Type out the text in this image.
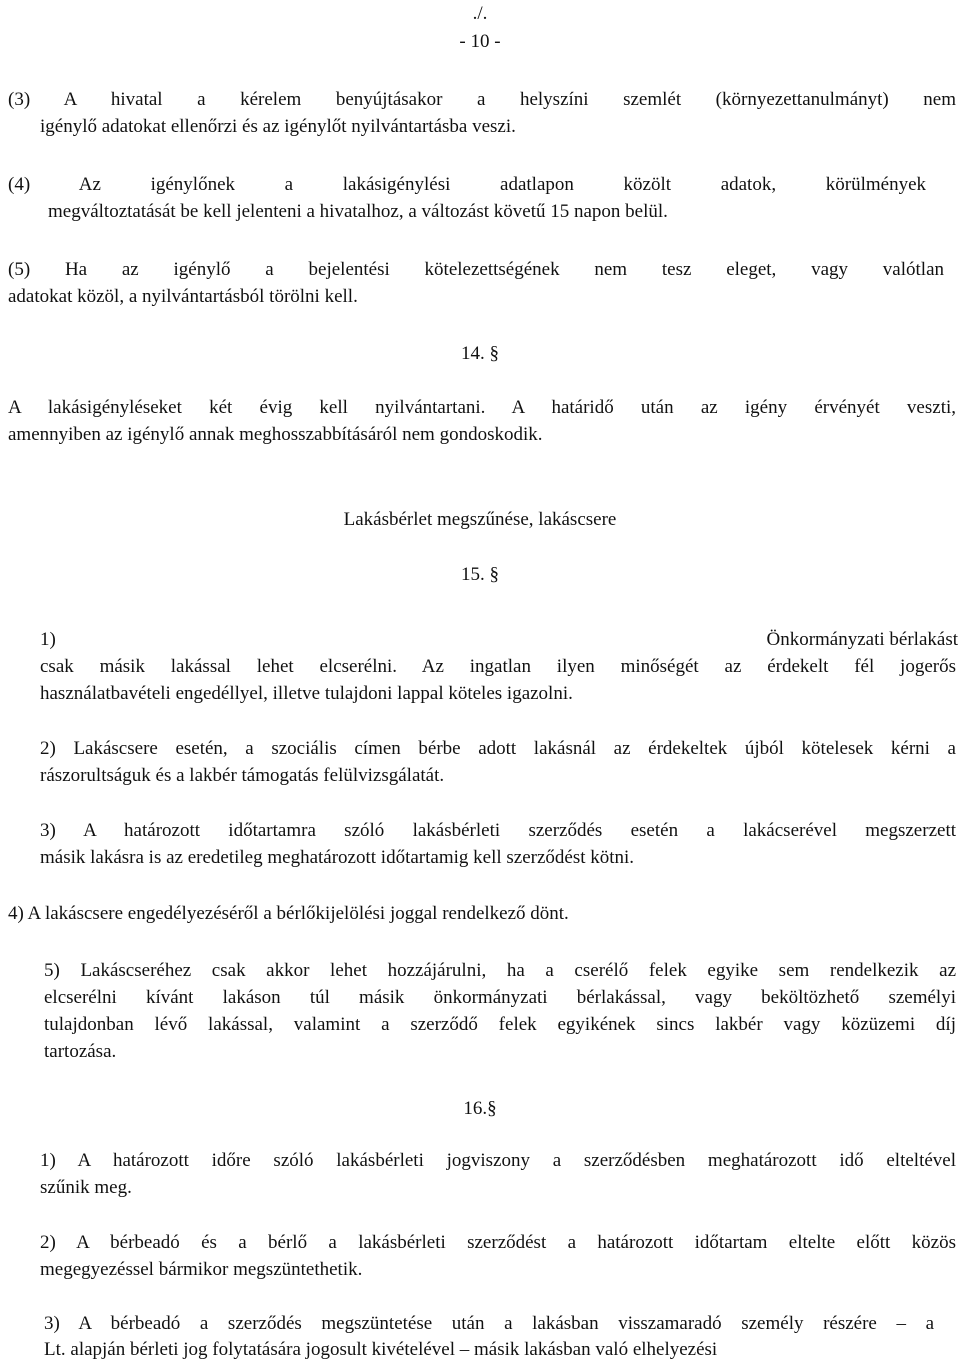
./.
- 10 -
(3) A hivatal a kérelem benyújtásakor a helyszíni szemlét (környezettanulmányt) nem
igénylő adatokat ellenőrzi és az igénylőt nyilvántartásba veszi.
(4) Az igénylőnek a lakásigénylési adatlapon közölt adatok, körülmények
megváltoztatását be kell jelenteni a hivatalhoz, a változást követű 15 napon belül.
(5) Ha az igénylő a bejelentési kötelezettségének nem tesz eleget, vagy valótlan
adatokat közöl, a nyilvántartásból törölni kell.
14. §
A lakásigényléseket két évig kell nyilvántartani. A határidő után az igény érvényét veszti,
amennyiben az igénylő annak meghosszabbításáról nem gondoskodik.
Lakásbérlet megszűnése, lakáscsere
15. §
1)	Önkormányzati bérlakást
csak másik lakással lehet elcserélni. Az ingatlan ilyen minőségét az érdekelt fél jogerős
használatbavételi engedéllyel, illetve tulajdoni lappal köteles igazolni.
2) Lakáscsere esetén, a szociális címen bérbe adott lakásnál az érdekeltek újból kötelesek kérni a
rászorultságuk és a lakbér támogatás felülvizsgálatát.
3) A határozott időtartamra szóló lakásbérleti szerződés esetén a lakácserével megszerzett
másik lakásra is az eredetileg meghatározott időtartamig kell szerződést kötni.
4) A lakáscsere engedélyezéséről a bérlőkijelölési joggal rendelkező dönt.
5) Lakáscseréhez csak akkor lehet hozzájárulni, ha a cserélő felek egyike sem rendelkezik az
elcserélni kívánt lakáson túl másik önkormányzati bérlakással, vagy beköltözhető személyi
tulajdonban lévő lakással, valamint a szerződő felek egyikének sincs lakbér vagy közüzemi díj
tartozása.
16.§
1) A határozott időre szóló lakásbérleti jogviszony a szerződésben meghatározott idő elteltével
szűnik meg.
2) A bérbeadó és a bérlő a lakásbérleti szerződést a határozott időtartam eltelte előtt közös
megegyezéssel bármikor megszüntethetik.
3) A bérbeadó a szerződés megszüntetése után a lakásban visszamaradó személy részére – a
Lt. alapján bérleti jog folytatására jogosult kivételével – másik lakásban való elhelyezési
